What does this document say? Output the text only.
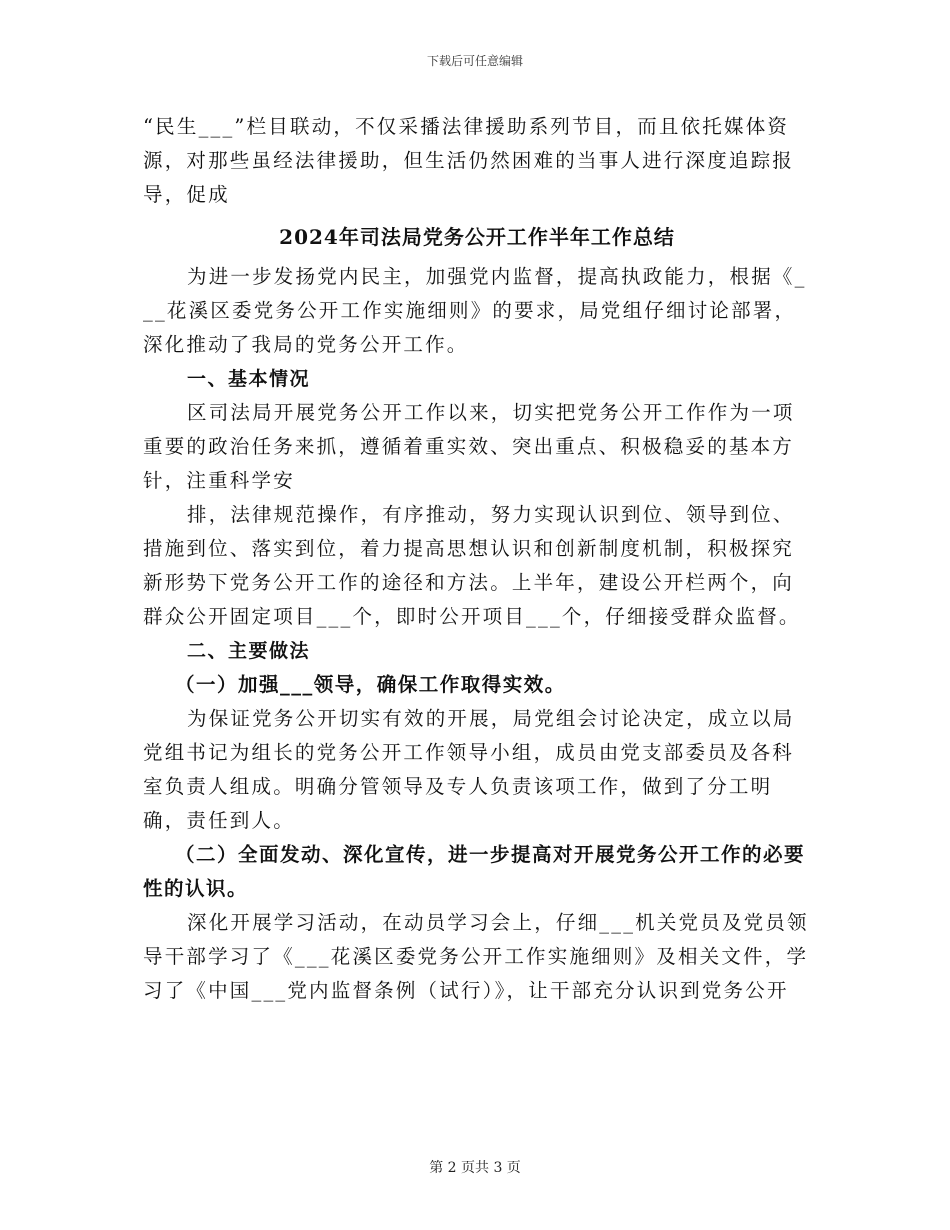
下载后可任意编辑

“民生___”栏目联动，不仅采播法律援助系列节目，而且依托媒体资源，对那些虽经法律援助，但生活仍然困难的当事人进行深度追踪报导，促成

2024年司法局党务公开工作半年工作总结

为进一步发扬党内民主，加强党内监督，提高执政能力，根据《___花溪区委党务公开工作实施细则》的要求，局党组仔细讨论部署，深化推动了我局的党务公开工作。

一、基本情况

区司法局开展党务公开工作以来，切实把党务公开工作作为一项重要的政治任务来抓，遵循着重实效、突出重点、积极稳妥的基本方针，注重科学安

排，法律规范操作，有序推动，努力实现认识到位、领导到位、措施到位、落实到位，着力提高思想认识和创新制度机制，积极探究新形势下党务公开工作的途径和方法。上半年，建设公开栏两个，向群众公开固定项目___个，即时公开项目___个，仔细接受群众监督。

二、主要做法

（一）加强___领导，确保工作取得实效。

为保证党务公开切实有效的开展，局党组会讨论决定，成立以局党组书记为组长的党务公开工作领导小组，成员由党支部委员及各科室负责人组成。明确分管领导及专人负责该项工作，做到了分工明确，责任到人。

（二）全面发动、深化宣传，进一步提高对开展党务公开工作的必要性的认识。

深化开展学习活动，在动员学习会上，仔细___机关党员及党员领导干部学习了《___花溪区委党务公开工作实施细则》及相关文件，学习了《中国___党内监督条例（试行）》，让干部充分认识到党务公开

第 2 页共 3 页
